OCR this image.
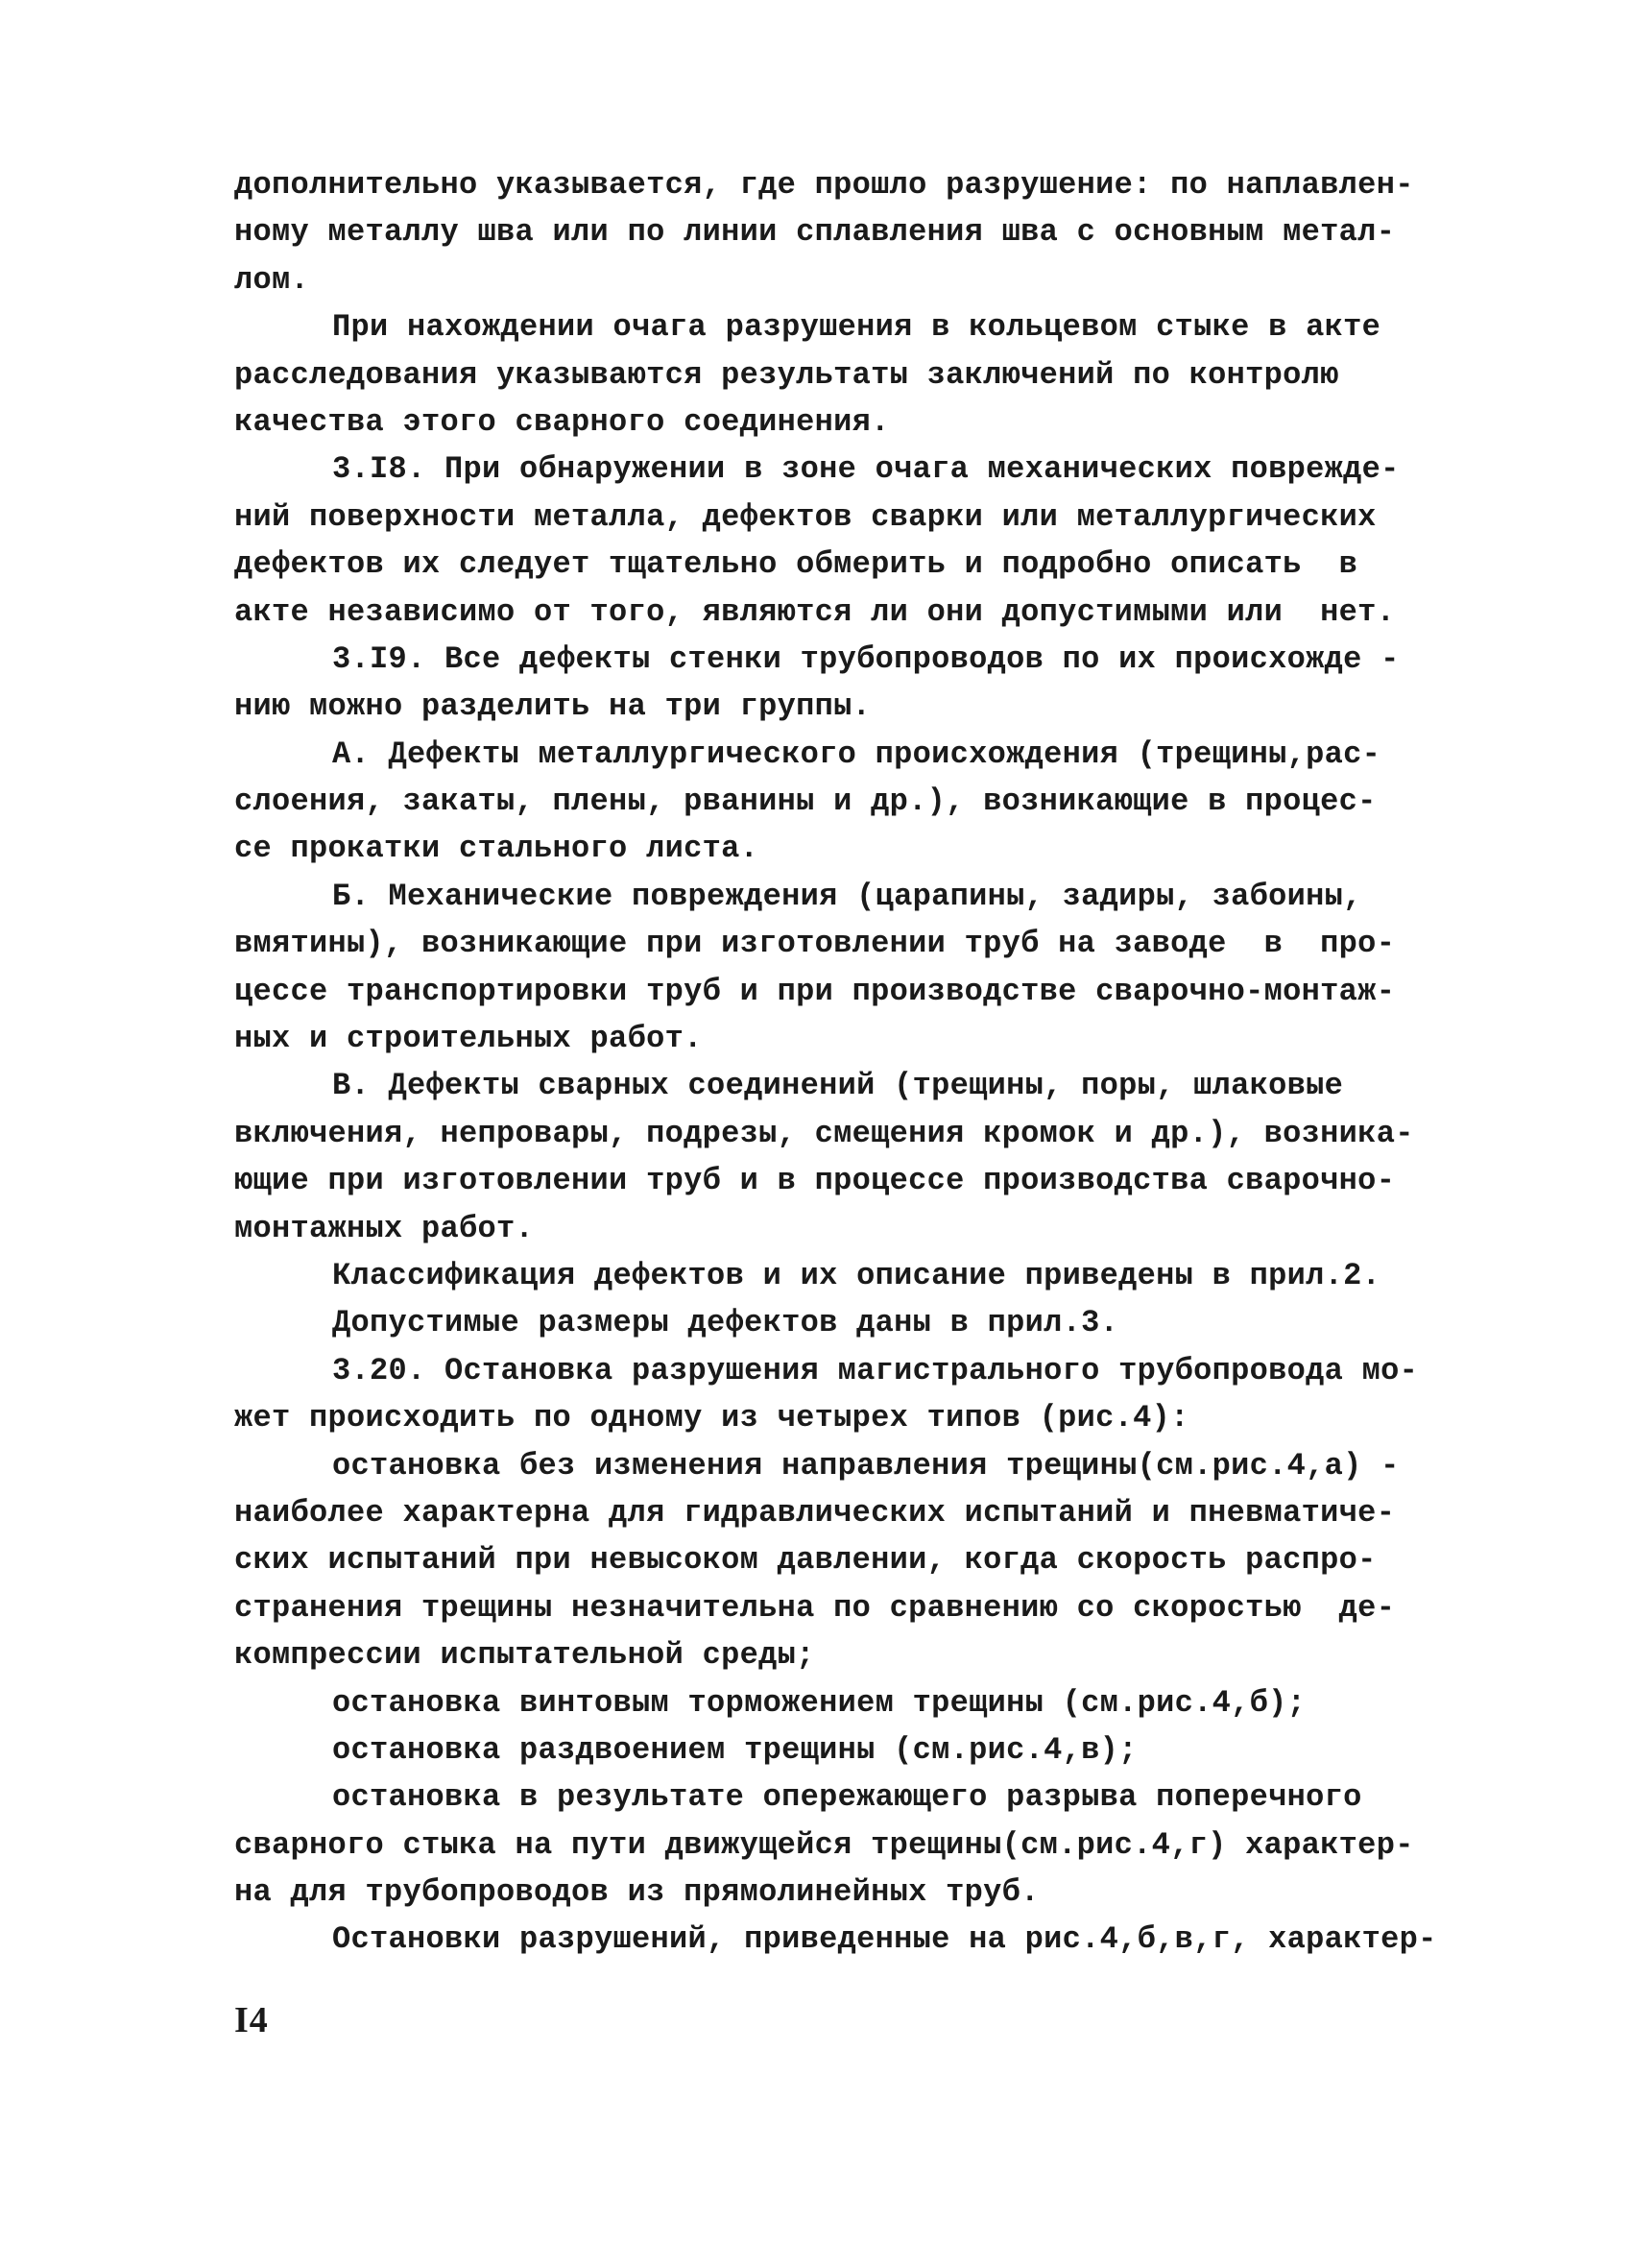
дополнительно указывается, где прошло разрушение: по наплавлен-
ному металлу шва или по линии сплавления шва с основным метал-
лом.
При нахождении очага разрушения в кольцевом стыке в акте
расследования указываются результаты заключений по контролю
качества этого сварного соединения.
3.I8. При обнаружении в зоне очага механических поврежде-
ний поверхности металла, дефектов сварки или металлургических
дефектов их следует тщательно обмерить и подробно описать  в
акте независимо от того, являются ли они допустимыми или  нет.
3.I9. Все дефекты стенки трубопроводов по их происхожде -
нию можно разделить на три группы.
А. Дефекты металлургического происхождения (трещины,рас-
слоения, закаты, плены, рванины и др.), возникающие в процес-
се прокатки стального листа.
Б. Механические повреждения (царапины, задиры, забоины,
вмятины), возникающие при изготовлении труб на заводе  в  про-
цессе транспортировки труб и при производстве сварочно-монтаж-
ных и строительных работ.
В. Дефекты сварных соединений (трещины, поры, шлаковые
включения, непровары, подрезы, смещения кромок и др.), возника-
ющие при изготовлении труб и в процессе производства сварочно-
монтажных работ.
Классификация дефектов и их описание приведены в прил.2.
Допустимые размеры дефектов даны в прил.3.
3.20. Остановка разрушения магистрального трубопровода мо-
жет происходить по одному из четырех типов (рис.4):
остановка без изменения направления трещины(см.рис.4,а) -
наиболее характерна для гидравлических испытаний и пневматиче-
ских испытаний при невысоком давлении, когда скорость распро-
странения трещины незначительна по сравнению со скоростью  де-
компрессии испытательной среды;
остановка винтовым торможением трещины (см.рис.4,б);
остановка раздвоением трещины (см.рис.4,в);
остановка в результате опережающего разрыва поперечного
сварного стыка на пути движущейся трещины(см.рис.4,г) характер-
на для трубопроводов из прямолинейных труб.
Остановки разрушений, приведенные на рис.4,б,в,г, характер-
I4
